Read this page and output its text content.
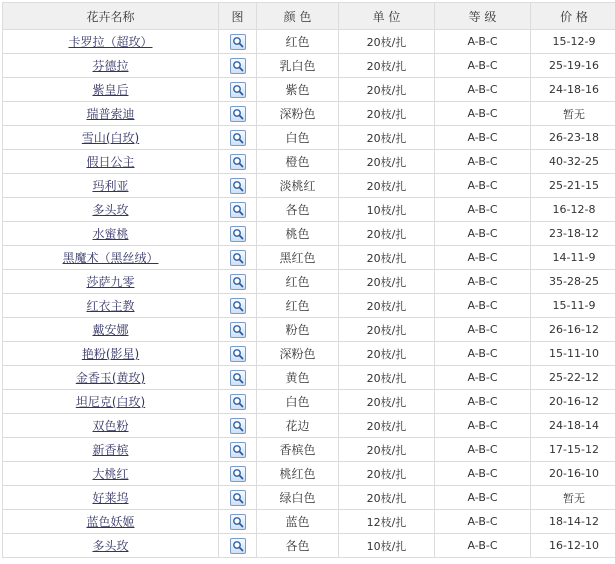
花卉名称	图	颜 色	单 位	等 级	价 格
卡罗拉（超玫）		红色	20枝/扎	A-B-C	15-12-9
芬德拉		乳白色	20枝/扎	A-B-C	25-19-16
紫皇后		紫色	20枝/扎	A-B-C	24-18-16
瑞普索迪		深粉色	20枝/扎	A-B-C	暂无
雪山(白玫)		白色	20枝/扎	A-B-C	26-23-18
假日公主		橙色	20枝/扎	A-B-C	40-32-25
玛利亚		淡桃红	20枝/扎	A-B-C	25-21-15
多头玫		各色	10枝/扎	A-B-C	16-12-8
水蜜桃		桃色	20枝/扎	A-B-C	23-18-12
黑魔术（黑丝绒）		黑红色	20枝/扎	A-B-C	14-11-9
莎萨九零		红色	20枝/扎	A-B-C	35-28-25
红衣主教		红色	20枝/扎	A-B-C	15-11-9
戴安娜		粉色	20枝/扎	A-B-C	26-16-12
艳粉(影星)		深粉色	20枝/扎	A-B-C	15-11-10
金香玉(黄玫)		黄色	20枝/扎	A-B-C	25-22-12
坦尼克(白玫)		白色	20枝/扎	A-B-C	20-16-12
双色粉		花边	20枝/扎	A-B-C	24-18-14
新香槟		香槟色	20枝/扎	A-B-C	17-15-12
大桃红		桃红色	20枝/扎	A-B-C	20-16-10
好莱坞		绿白色	20枝/扎	A-B-C	暂无
蓝色妖姬		蓝色	12枝/扎	A-B-C	18-14-12
多头玫		各色	10枝/扎	A-B-C	16-12-10
